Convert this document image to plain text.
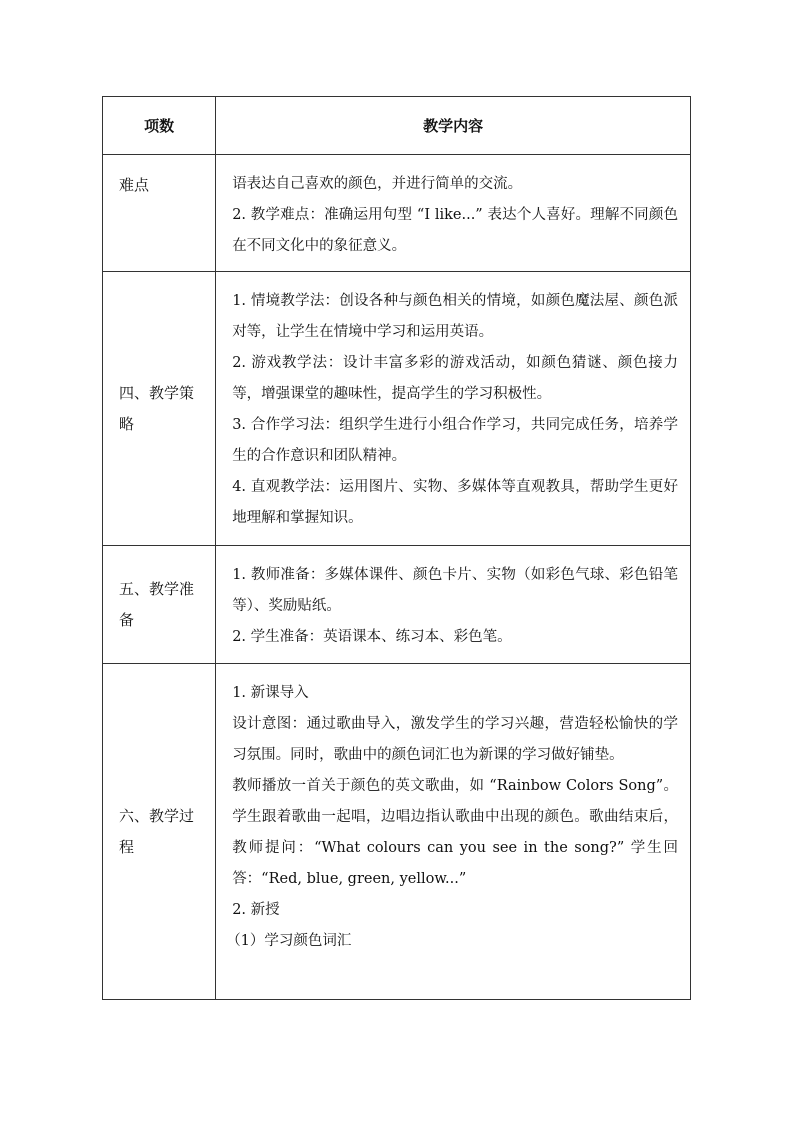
项数	教学内容
难点	语表达自己喜欢的颜色，并进行简单的交流。

2. 教学难点：准确运用句型 “I like...” 表达个人喜好。理解不同颜色在不同文化中的象征意义。

四、教学策略	1. 情境教学法：创设各种与颜色相关的情境，如颜色魔法屋、颜色派对等，让学生在情境中学习和运用英语。

2. 游戏教学法：设计丰富多彩的游戏活动，如颜色猜谜、颜色接力等，增强课堂的趣味性，提高学生的学习积极性。

3. 合作学习法：组织学生进行小组合作学习，共同完成任务，培养学生的合作意识和团队精神。

4. 直观教学法：运用图片、实物、多媒体等直观教具，帮助学生更好地理解和掌握知识。

五、教学准备	1. 教师准备：多媒体课件、颜色卡片、实物（如彩色气球、彩色铅笔等）、奖励贴纸。

2. 学生准备：英语课本、练习本、彩色笔。

六、教学过程	1. 新课导入

设计意图：通过歌曲导入，激发学生的学习兴趣，营造轻松愉快的学习氛围。同时，歌曲中的颜色词汇也为新课的学习做好铺垫。

教师播放一首关于颜色的英文歌曲，如 “Rainbow Colors Song”。学生跟着歌曲一起唱，边唱边指认歌曲中出现的颜色。歌曲结束后，教师提问：“What colours can you see in the song?” 学生回答：“Red, blue, green, yellow...”

2. 新授

（1）学习颜色词汇
